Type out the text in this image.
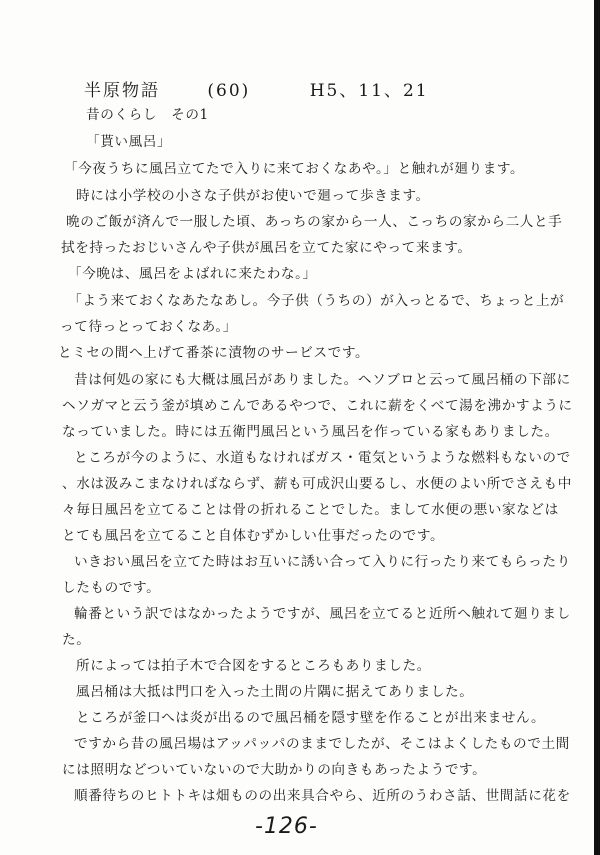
半原物語	(60)	H5、11、21
昔のくらし　その1
「貰い風呂」
「今夜うちに風呂立てたで入りに来ておくなあや。」と触れが廻ります。
時には小学校の小さな子供がお使いで廻って歩きます。
晩のご飯が済んで一服した頃、あっちの家から一人、こっちの家から二人と手
拭を持ったおじいさんや子供が風呂を立てた家にやって来ます。
「今晩は、風呂をよばれに来たわな。」
「よう来ておくなあたなあし。今子供（うちの）が入っとるで、ちょっと上が
って待っとっておくなあ。」
とミセの間へ上げて番茶に漬物のサービスです。
昔は何処の家にも大概は風呂がありました。ヘソブロと云って風呂桶の下部に
ヘソガマと云う釜が填めこんであるやつで、これに薪をくべて湯を沸かすように
なっていました。時には五衛門風呂という風呂を作っている家もありました。
ところが今のように、水道もなければガス・電気というような燃料もないので
、水は汲みこまなければならず、薪も可成沢山要るし、水便のよい所でさえも中
々毎日風呂を立てることは骨の折れることでした。まして水便の悪い家などは
とても風呂を立てること自体むずかしい仕事だったのです。
いきおい風呂を立てた時はお互いに誘い合って入りに行ったり来てもらったり
したものです。
輪番という訳ではなかったようですが、風呂を立てると近所へ触れて廻りまし
た。
所によっては拍子木で合図をするところもありました。
風呂桶は大抵は門口を入った土間の片隅に据えてありました。
ところが釜口へは炎が出るので風呂桶を隠す壁を作ることが出来ません。
ですから昔の風呂場はアッパッパのままでしたが、そこはよくしたもので土間
には照明などついていないので大助かりの向きもあったようです。
順番待ちのヒトトキは畑ものの出来具合やら、近所のうわさ話、世間話に花を
-126-
